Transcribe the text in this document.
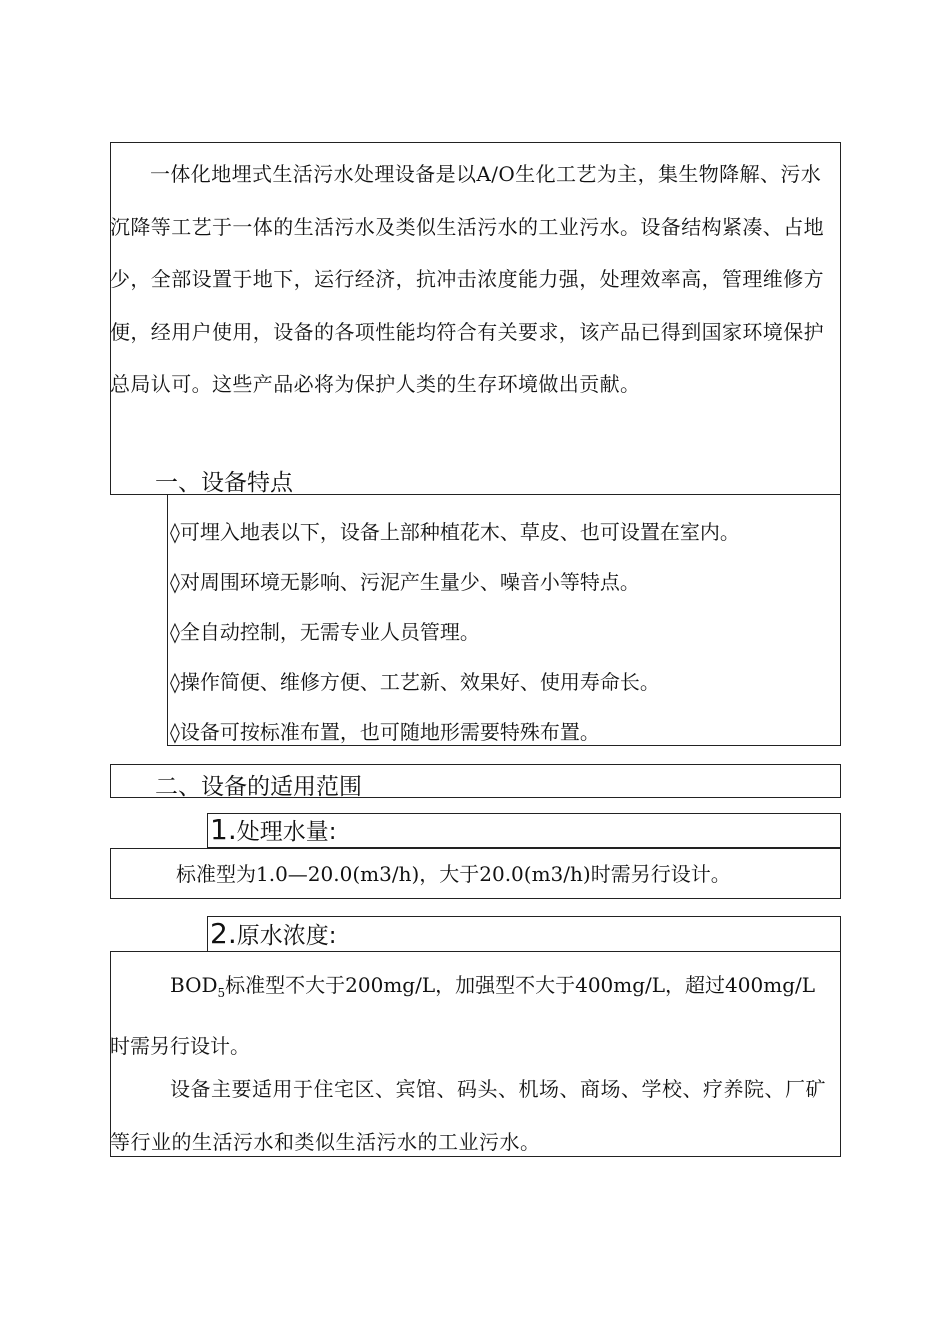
一体化地埋式生活污水处理设备是以A/O生化工艺为主，集生物降解、污水沉降等工艺于一体的生活污水及类似生活污水的工业污水。设备结构紧凑、占地少，全部设置于地下，运行经济，抗冲击浓度能力强，处理效率高，管理维修方便，经用户使用，设备的各项性能均符合有关要求，该产品已得到国家环境保护总局认可。这些产品必将为保护人类的生存环境做出贡献。

一、设备特点
◊可埋入地表以下，设备上部种植花木、草皮、也可设置在室内。
◊对周围环境无影响、污泥产生量少、噪音小等特点。
◊全自动控制，无需专业人员管理。
◊操作简便、维修方便、工艺新、效果好、使用寿命长。
◊设备可按标准布置，也可随地形需要特殊布置。
二、设备的适用范围
1.处理水量:
标准型为1.0—20.0(m3/h)，大于20.0(m3/h)时需另行设计。
2.原水浓度:

$BOD_5$标准型不大于200mg/L，加强型不大于400mg/L，超过400mg/L时需另行设计。

设备主要适用于住宅区、宾馆、码头、机场、商场、学校、疗养院、厂矿等行业的生活污水和类似生活污水的工业污水。
